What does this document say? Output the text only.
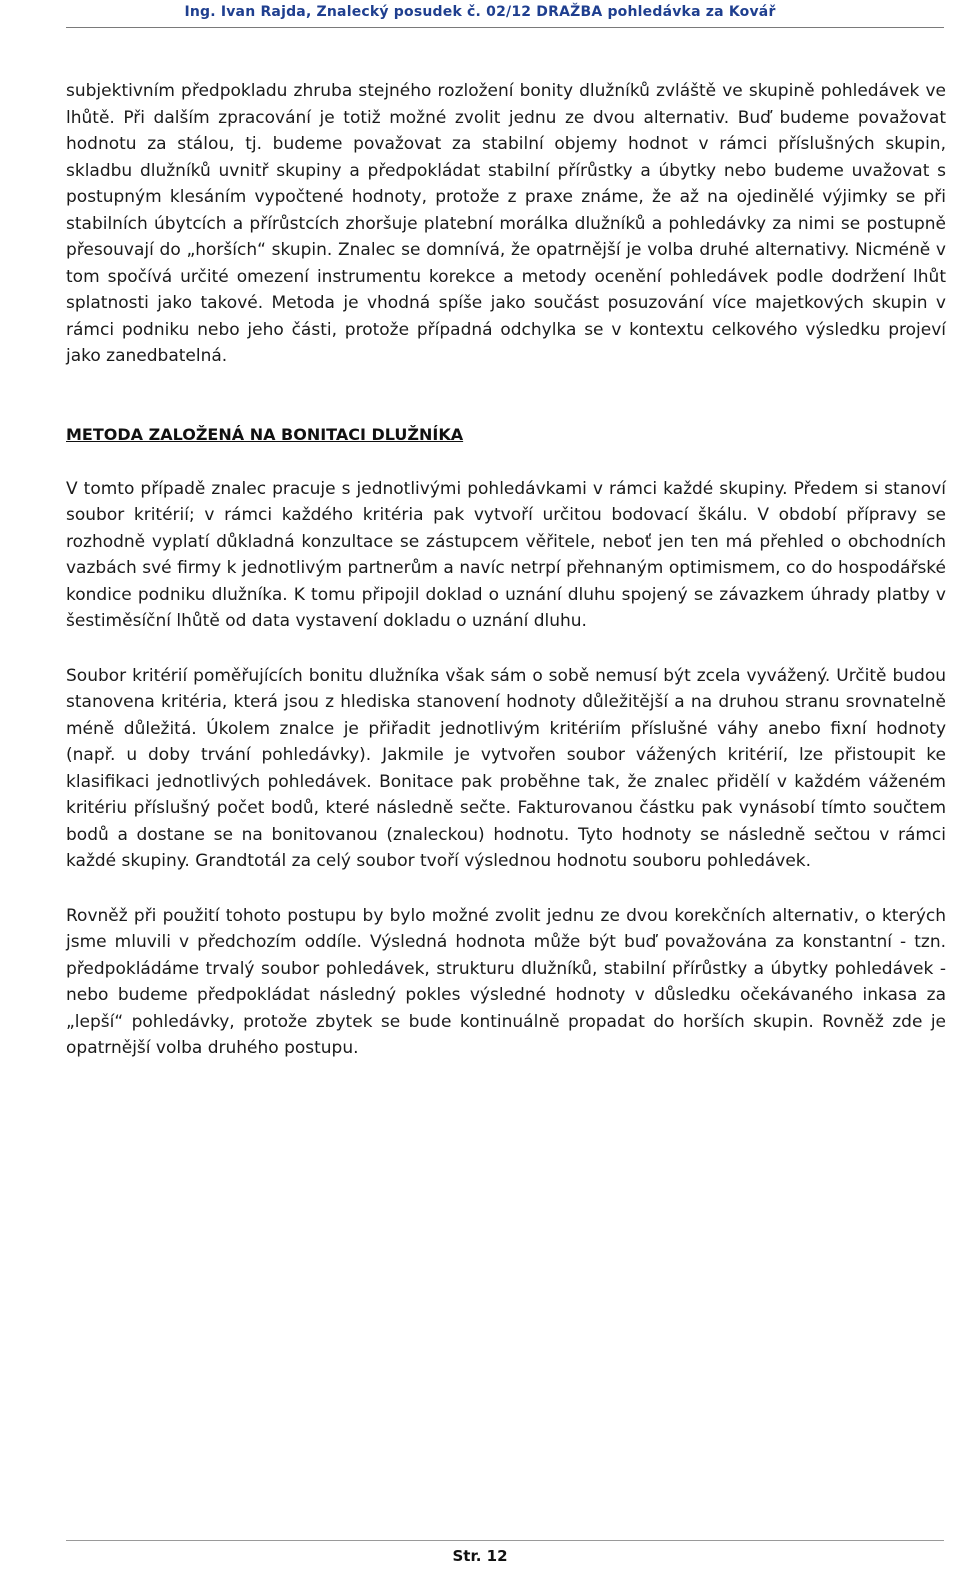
Ing. Ivan Rajda, Znalecký posudek č. 02/12 DRAŽBA pohledávka za Kovář

subjektivním předpokladu zhruba stejného rozložení bonity dlužníků zvláště ve skupině pohledávek ve lhůtě. Při dalším zpracování je totiž možné zvolit jednu ze dvou alternativ. Buď budeme považovat hodnotu za stálou, tj. budeme považovat za stabilní objemy hodnot v rámci příslušných skupin, skladbu dlužníků uvnitř skupiny a předpokládat stabilní přírůstky a úbytky nebo budeme uvažovat s postupným klesáním vypočtené hodnoty, protože z praxe známe, že až na ojedinělé výjimky se při stabilních úbytcích a přírůstcích zhoršuje platební morálka dlužníků a pohledávky za nimi se postupně přesouvají do „horších“ skupin. Znalec se domnívá, že opatrnější je volba druhé alternativy. Nicméně v tom spočívá určité omezení instrumentu korekce a metody ocenění pohledávek podle dodržení lhůt splatnosti jako takové. Metoda je vhodná spíše jako součást posuzování více majetkových skupin v rámci podniku nebo jeho části, protože případná odchylka se v kontextu celkového výsledku projeví jako zanedbatelná.

METODA ZALOŽENÁ NA BONITACI DLUŽNÍKA

V tomto případě znalec pracuje s jednotlivými pohledávkami v rámci každé skupiny. Předem si stanoví soubor kritérií; v rámci každého kritéria pak vytvoří určitou bodovací škálu. V období přípravy se rozhodně vyplatí důkladná konzultace se zástupcem věřitele, neboť jen ten má přehled o obchodních vazbách své firmy k jednotlivým partnerům a navíc netrpí přehnaným optimismem, co do hospodářské kondice podniku dlužníka. K tomu připojil doklad o uznání dluhu spojený se závazkem úhrady platby v šestiměsíční lhůtě od data vystavení dokladu o uznání dluhu.

Soubor kritérií poměřujících bonitu dlužníka však sám o sobě nemusí být zcela vyvážený. Určitě budou stanovena kritéria, která jsou z hlediska stanovení hodnoty důležitější a na druhou stranu srovnatelně méně důležitá. Úkolem znalce je přiřadit jednotlivým kritériím příslušné váhy anebo fixní hodnoty (např. u doby trvání pohledávky). Jakmile je vytvořen soubor vážených kritérií, lze přistoupit ke klasifikaci jednotlivých pohledávek. Bonitace pak proběhne tak, že znalec přidělí v každém váženém kritériu příslušný počet bodů, které následně sečte. Fakturovanou částku pak vynásobí tímto součtem bodů a dostane se na bonitovanou (znaleckou) hodnotu. Tyto hodnoty se následně sečtou v rámci každé skupiny. Grandtotál za celý soubor tvoří výslednou hodnotu souboru pohledávek.

Rovněž při použití tohoto postupu by bylo možné zvolit jednu ze dvou korekčních alternativ, o kterých jsme mluvili v předchozím oddíle. Výsledná hodnota může být buď považována za konstantní - tzn. předpokládáme trvalý soubor pohledávek, strukturu dlužníků, stabilní přírůstky a úbytky pohledávek - nebo budeme předpokládat následný pokles výsledné hodnoty v důsledku očekávaného inkasa za „lepší“ pohledávky, protože zbytek se bude kontinuálně propadat do horších skupin. Rovněž zde je opatrnější volba druhého postupu.

Str. 12
